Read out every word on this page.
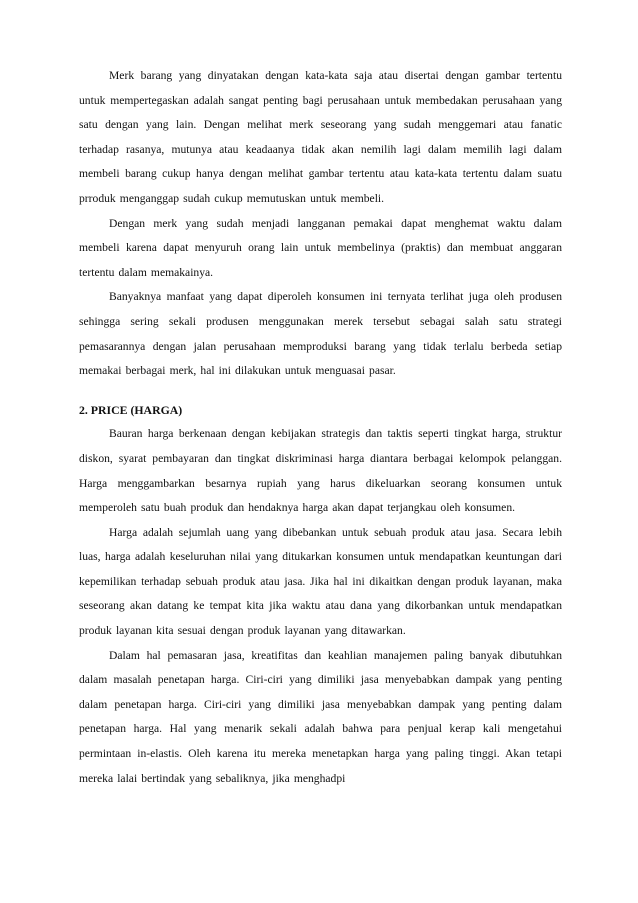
Merk barang yang dinyatakan dengan kata-kata saja atau disertai dengan gambar tertentu untuk mempertegaskan adalah sangat penting bagi perusahaan untuk membedakan perusahaan yang satu dengan yang lain. Dengan melihat merk seseorang yang sudah menggemari atau fanatic terhadap rasanya, mutunya atau keadaanya tidak akan nemilih lagi dalam memilih lagi dalam membeli barang cukup hanya dengan melihat gambar tertentu atau kata-kata tertentu dalam suatu prroduk menganggap sudah cukup memutuskan untuk membeli.

Dengan merk yang sudah menjadi langganan pemakai dapat menghemat waktu dalam membeli karena dapat menyuruh orang lain untuk membelinya (praktis) dan membuat anggaran tertentu dalam memakainya.

Banyaknya manfaat yang dapat diperoleh konsumen ini ternyata terlihat juga oleh produsen sehingga sering sekali produsen menggunakan merek tersebut sebagai salah satu strategi pemasarannya dengan jalan perusahaan memproduksi barang yang tidak terlalu berbeda setiap memakai berbagai merk, hal ini dilakukan untuk menguasai pasar.

2. PRICE (HARGA)

Bauran harga berkenaan dengan kebijakan strategis dan taktis seperti tingkat harga, struktur diskon, syarat pembayaran dan tingkat diskriminasi harga diantara berbagai kelompok pelanggan. Harga menggambarkan besarnya rupiah yang harus dikeluarkan seorang konsumen untuk memperoleh satu buah produk dan hendaknya harga akan dapat terjangkau oleh konsumen.

Harga adalah sejumlah uang yang dibebankan untuk sebuah produk atau jasa. Secara lebih luas, harga adalah keseluruhan nilai yang ditukarkan konsumen untuk mendapatkan keuntungan dari kepemilikan terhadap sebuah produk atau jasa. Jika hal ini dikaitkan dengan produk layanan, maka seseorang akan datang ke tempat kita jika waktu atau dana yang dikorbankan untuk mendapatkan produk layanan kita sesuai dengan produk layanan yang ditawarkan.

Dalam hal pemasaran jasa, kreatifitas dan keahlian manajemen paling banyak dibutuhkan dalam masalah penetapan harga. Ciri-ciri yang dimiliki jasa menyebabkan dampak yang penting dalam penetapan harga. Ciri-ciri yang dimiliki jasa menyebabkan dampak yang penting dalam penetapan harga. Hal yang menarik sekali adalah bahwa para penjual kerap kali mengetahui permintaan in-elastis. Oleh karena itu mereka menetapkan harga yang paling tinggi. Akan tetapi mereka lalai bertindak yang sebaliknya, jika menghadpi
